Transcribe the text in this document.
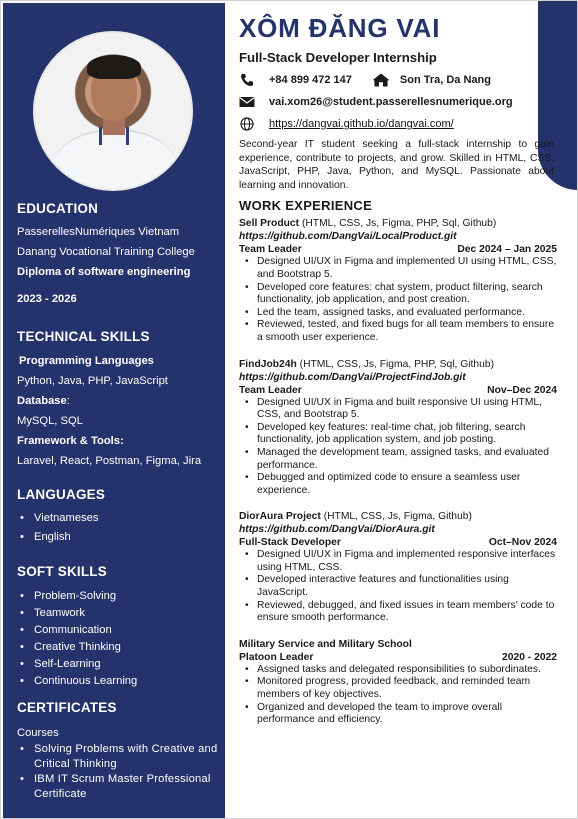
EDUCATION
PasserellesNumériques Vietnam
Danang Vocational Training College
Diploma of software engineering
2023 - 2026
TECHNICAL SKILLS
Programming Languages
Python, Java, PHP, JavaScript
Database:
MySQL, SQL
Framework & Tools:
Laravel, React, Postman, Figma, Jira
LANGUAGES
• Vietnameses
• English
SOFT SKILLS
• Problem-Solving
• Teamwork
• Communication
• Creative Thinking
• Self-Learning
• Continuous Learning
CERTIFICATES
Courses
• Solving Problems with Creative and Critical Thinking
• IBM IT Scrum Master Professional Certificate
XÔM ĐĂNG VAI
Full-Stack Developer Internship
+84 899 472 147	Son Tra, Da Nang
vai.xom26@student.passerellesnumerique.org
https://dangvai.github.io/dangvai.com/
Second-year IT student seeking a full-stack internship to gain experience, contribute to projects, and grow. Skilled in HTML, CSS, JavaScript, PHP, Java, Python, and MySQL. Passionate about learning and innovation.
WORK EXPERIENCE
Sell Product (HTML, CSS, Js, Figma, PHP, Sql, Github)
https://github.com/DangVai/LocalProduct.git
Team Leader	Dec 2024 – Jan 2025
• Designed UI/UX in Figma and implemented UI using HTML, CSS, and Bootstrap 5.
• Developed core features: chat system, product filtering, search functionality, job application, and post creation.
• Led the team, assigned tasks, and evaluated performance.
• Reviewed, tested, and fixed bugs for all team members to ensure a smooth user experience.
FindJob24h (HTML, CSS, Js, Figma, PHP, Sql, Github)
https://github.com/DangVai/ProjectFindJob.git
Team Leader	Nov–Dec 2024
• Designed UI/UX in Figma and built responsive UI using HTML, CSS, and Bootstrap 5.
• Developed key features: real-time chat, job filtering, search functionality, job application system, and job posting.
• Managed the development team, assigned tasks, and evaluated performance.
• Debugged and optimized code to ensure a seamless user experience.
DiorAura Project (HTML, CSS, Js, Figma, Github)
https://github.com/DangVai/DiorAura.git
Full-Stack Developer	Oct–Nov 2024
• Designed UI/UX in Figma and implemented responsive interfaces using HTML, CSS.
• Developed interactive features and functionalities using JavaScript.
• Reviewed, debugged, and fixed issues in team members' code to ensure smooth performance.
Military Service and Military School
Platoon Leader	2020 - 2022
• Assigned tasks and delegated responsibilities to subordinates.
• Monitored progress, provided feedback, and reminded team members of key objectives.
• Organized and developed the team to improve overall performance and efficiency.
